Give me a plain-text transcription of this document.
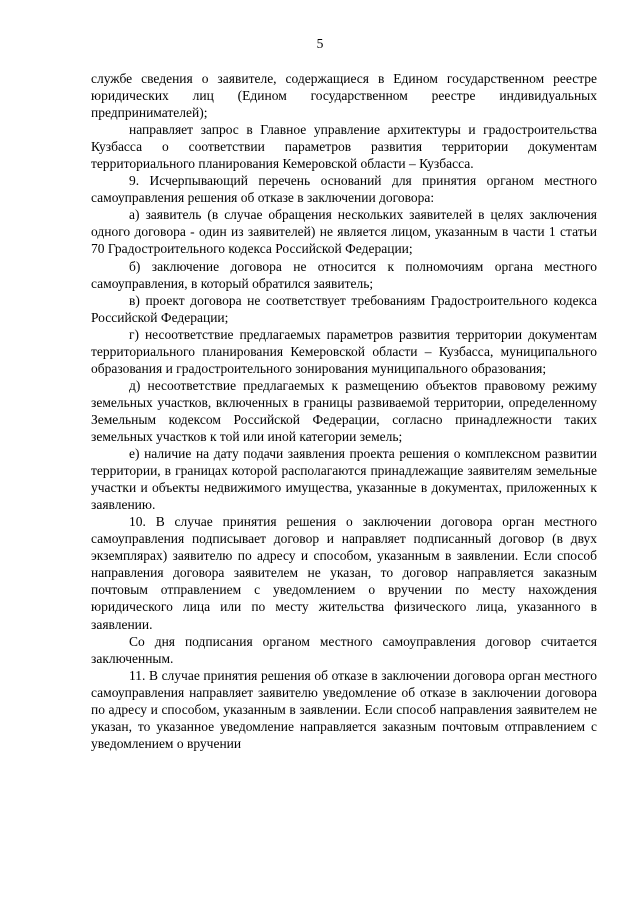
5

службе сведения о заявителе, содержащиеся в Едином государственном реестре юридических лиц (Едином государственном реестре индивидуальных предпринимателей);

направляет запрос в Главное управление архитектуры и градостроительства Кузбасса о соответствии параметров развития территории документам территориального планирования Кемеровской области – Кузбасса.

9. Исчерпывающий перечень оснований для принятия органом местного самоуправления решения об отказе в заключении договора:

а) заявитель (в случае обращения нескольких заявителей в целях заключения одного договора - один из заявителей) не является лицом, указанным в части 1 статьи 70 Градостроительного кодекса Российской Федерации;

б) заключение договора не относится к полномочиям органа местного самоуправления, в который обратился заявитель;

в) проект договора не соответствует требованиям Градостроительного кодекса Российской Федерации;

г) несоответствие предлагаемых параметров развития территории документам территориального планирования Кемеровской области – Кузбасса, муниципального образования и градостроительного зонирования муниципального образования;

д) несоответствие предлагаемых к размещению объектов правовому режиму земельных участков, включенных в границы развиваемой территории, определенному Земельным кодексом Российской Федерации, согласно принадлежности таких земельных участков к той или иной категории земель;

е) наличие на дату подачи заявления проекта решения о комплексном развитии территории, в границах которой располагаются принадлежащие заявителям земельные участки и объекты недвижимого имущества, указанные в документах, приложенных к заявлению.

10. В случае принятия решения о заключении договора орган местного самоуправления подписывает договор и направляет подписанный договор (в двух экземплярах) заявителю по адресу и способом, указанным в заявлении. Если способ направления договора заявителем не указан, то договор направляется заказным почтовым отправлением с уведомлением о вручении по месту нахождения юридического лица или по месту жительства физического лица, указанного в заявлении.

Со дня подписания органом местного самоуправления договор считается заключенным.

11. В случае принятия решения об отказе в заключении договора орган местного самоуправления направляет заявителю уведомление об отказе в заключении договора по адресу и способом, указанным в заявлении. Если способ направления заявителем не указан, то указанное уведомление направляется заказным почтовым отправлением с уведомлением о вручении
